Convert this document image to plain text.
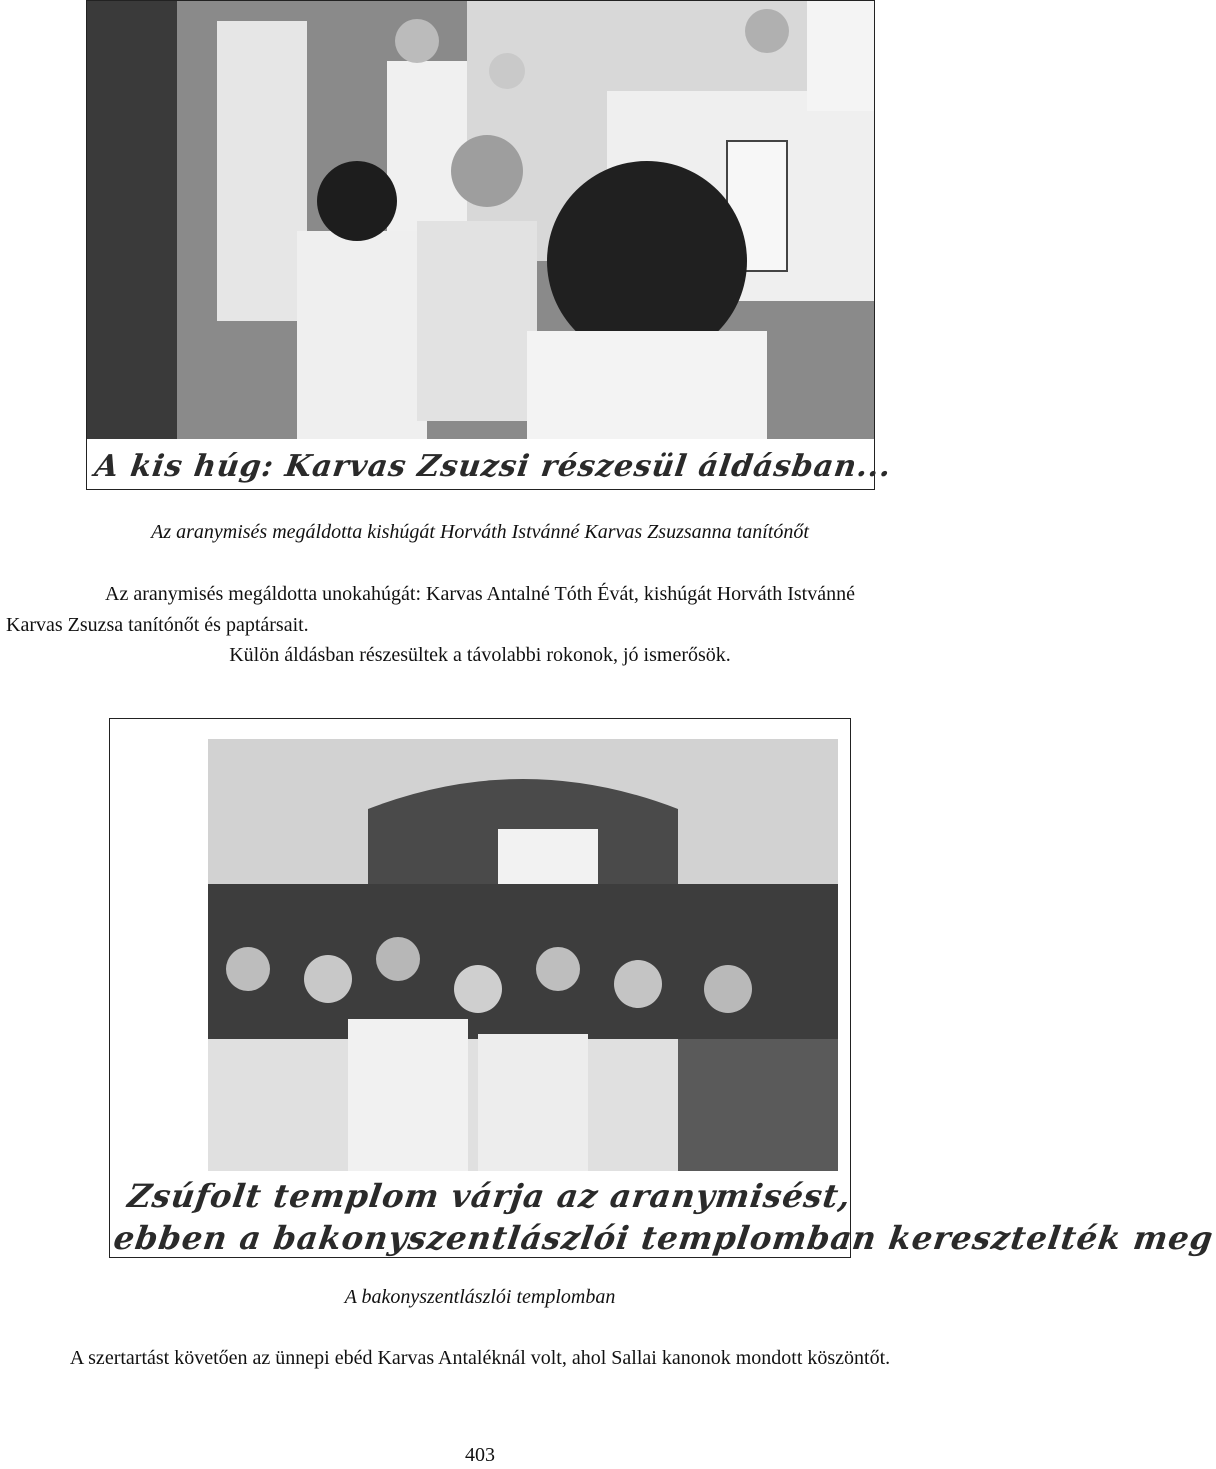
A kis húg: Karvas Zsuzsi részesül áldásban...
Az aranymisés megáldotta kishúgát Horváth Istvánné Karvas Zsuzsanna tanítónőt
Az aranymisés megáldotta unokahúgát: Karvas Antalné Tóth Évát, kishúgát Horváth Istvánné
Karvas Zsuzsa tanítónőt és paptársait.
Külön áldásban részesültek a távolabbi rokonok, jó ismerősök.
Zsúfolt templom várja az aranymisést,
ebben a bakonyszentlászlói templomban keresztelték meg
A bakonyszentlászlói templomban
A szertartást követően az ünnepi ebéd Karvas Antaléknál volt, ahol Sallai kanonok mondott köszöntőt.
403
